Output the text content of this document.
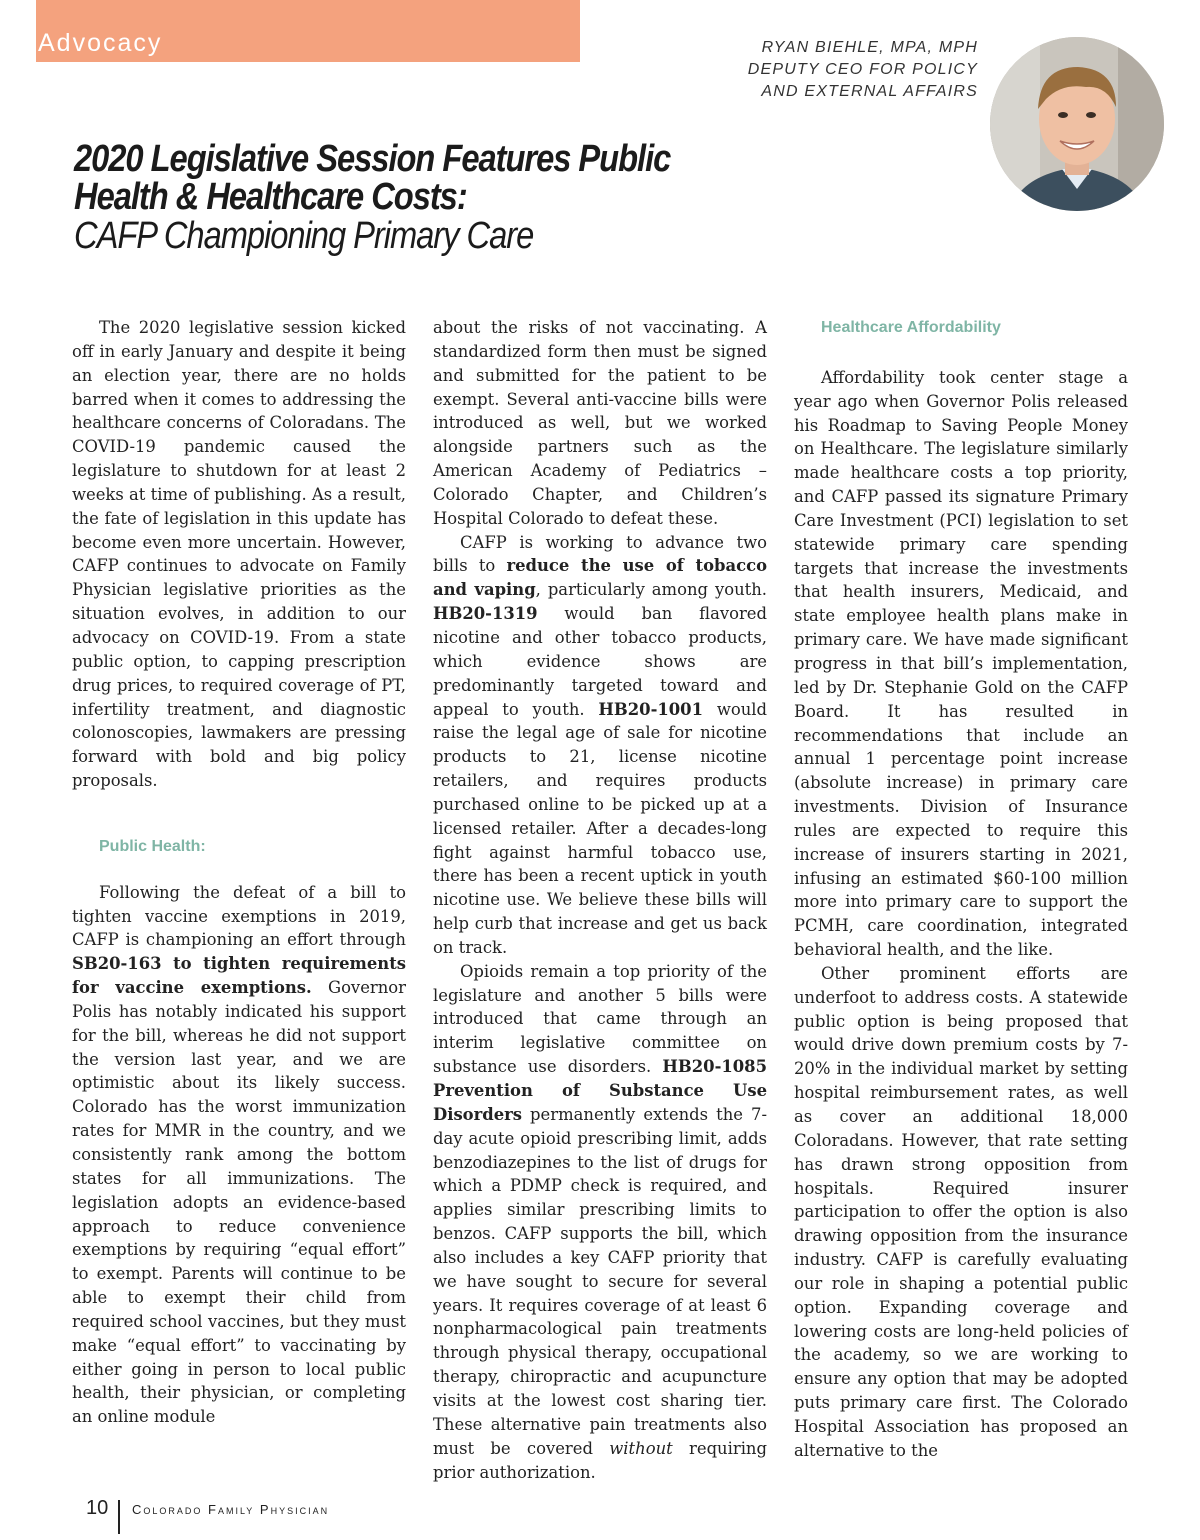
Advocacy	RYAN BIEHLE, MPA, MPH
DEPUTY CEO FOR POLICY
AND EXTERNAL AFFAIRS
2020 Legislative Session Features Public
Health & Healthcare Costs:
CAFP Championing Primary Care

The 2020 legislative session kicked off in early January and despite it being an election year, there are no holds barred when it comes to addressing the healthcare concerns of Coloradans. The COVID-19 pandemic caused the legislature to shutdown for at least 2 weeks at time of publishing. As a result, the fate of legislation in this update has become even more uncertain. However, CAFP continues to advocate on Family Physician legislative priorities as the situation evolves, in addition to our advocacy on COVID-19. From a state public option, to capping prescription drug prices, to required coverage of PT, infertility treatment, and diagnostic colonoscopies, lawmakers are pressing forward with bold and big policy proposals.

Public Health:

Following the defeat of a bill to tighten vaccine exemptions in 2019, CAFP is championing an effort through SB20-163 to tighten requirements for vaccine exemptions. Governor Polis has notably indicated his support for the bill, whereas he did not support the version last year, and we are optimistic about its likely success. Colorado has the worst immunization rates for MMR in the country, and we consistently rank among the bottom states for all immunizations. The legislation adopts an evidence-based approach to reduce convenience exemptions by requiring “equal effort” to exempt. Parents will continue to be able to exempt their child from required school vaccines, but they must make “equal effort” to vaccinating by either going in person to local public health, their physician, or completing an online module

about the risks of not vaccinating. A standardized form then must be signed and submitted for the patient to be exempt. Several anti-vaccine bills were introduced as well, but we worked alongside partners such as the American Academy of Pediatrics – Colorado Chapter, and Children’s Hospital Colorado to defeat these.

CAFP is working to advance two bills to reduce the use of tobacco and vaping, particularly among youth. HB20-1319 would ban flavored nicotine and other tobacco products, which evidence shows are predominantly targeted toward and appeal to youth. HB20-1001 would raise the legal age of sale for nicotine products to 21, license nicotine retailers, and requires products purchased online to be picked up at a licensed retailer. After a decades-long fight against harmful tobacco use, there has been a recent uptick in youth nicotine use. We believe these bills will help curb that increase and get us back on track.

Opioids remain a top priority of the legislature and another 5 bills were introduced that came through an interim legislative committee on substance use disorders. HB20-1085 Prevention of Substance Use Disorders permanently extends the 7-day acute opioid prescribing limit, adds benzodiazepines to the list of drugs for which a PDMP check is required, and applies similar prescribing limits to benzos. CAFP supports the bill, which also includes a key CAFP priority that we have sought to secure for several years. It requires coverage of at least 6 nonpharmacological pain treatments through physical therapy, occupational therapy, chiropractic and acupuncture visits at the lowest cost sharing tier. These alternative pain treatments also must be covered without requiring prior authorization.

Healthcare Affordability

Affordability took center stage a year ago when Governor Polis released his Roadmap to Saving People Money on Healthcare. The legislature similarly made healthcare costs a top priority, and CAFP passed its signature Primary Care Investment (PCI) legislation to set statewide primary care spending targets that increase the investments that health insurers, Medicaid, and state employee health plans make in primary care. We have made significant progress in that bill’s implementation, led by Dr. Stephanie Gold on the CAFP Board. It has resulted in recommendations that include an annual 1 percentage point increase (absolute increase) in primary care investments. Division of Insurance rules are expected to require this increase of insurers starting in 2021, infusing an estimated $60-100 million more into primary care to support the PCMH, care coordination, integrated behavioral health, and the like.

Other prominent efforts are underfoot to address costs. A statewide public option is being proposed that would drive down premium costs by 7-20% in the individual market by setting hospital reimbursement rates, as well as cover an additional 18,000 Coloradans. However, that rate setting has drawn strong opposition from hospitals. Required insurer participation to offer the option is also drawing opposition from the insurance industry. CAFP is carefully evaluating our role in shaping a potential public option. Expanding coverage and lowering costs are long-held policies of the academy, so we are working to ensure any option that may be adopted puts primary care first. The Colorado Hospital Association has proposed an alternative to the

10 Colorado Family Physician
